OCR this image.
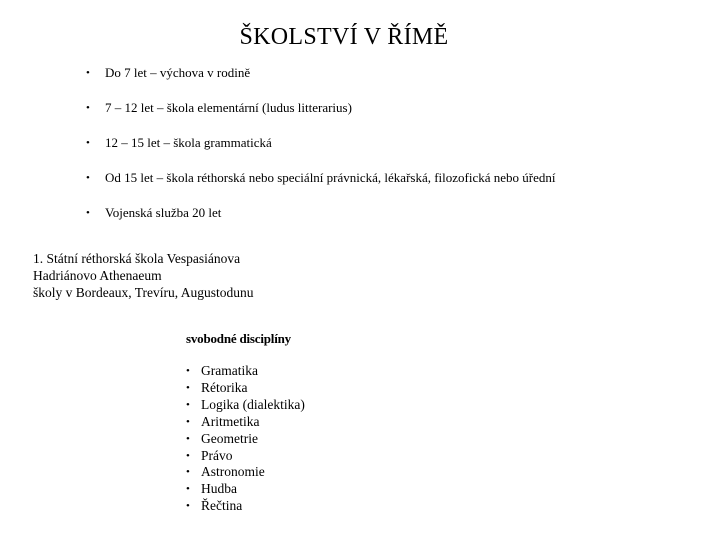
ŠKOLSTVÍ V ŘÍMĚ
• Do 7 let – výchova v rodině
• 7 – 12 let – škola elementární (ludus litterarius)
• 12 – 15 let – škola grammatická
• Od 15 let – škola réthorská nebo speciální právnická, lékařská, filozofická nebo úřední
• Vojenská služba 20 let
1. Státní réthorská škola Vespasiánova
Hadriánovo Athenaeum
školy v Bordeaux, Trevíru, Augustodunu
svobodné disciplíny
• Gramatika
• Rétorika
• Logika (dialektika)
• Aritmetika
• Geometrie
• Právo
• Astronomie
• Hudba
• Řečtina
